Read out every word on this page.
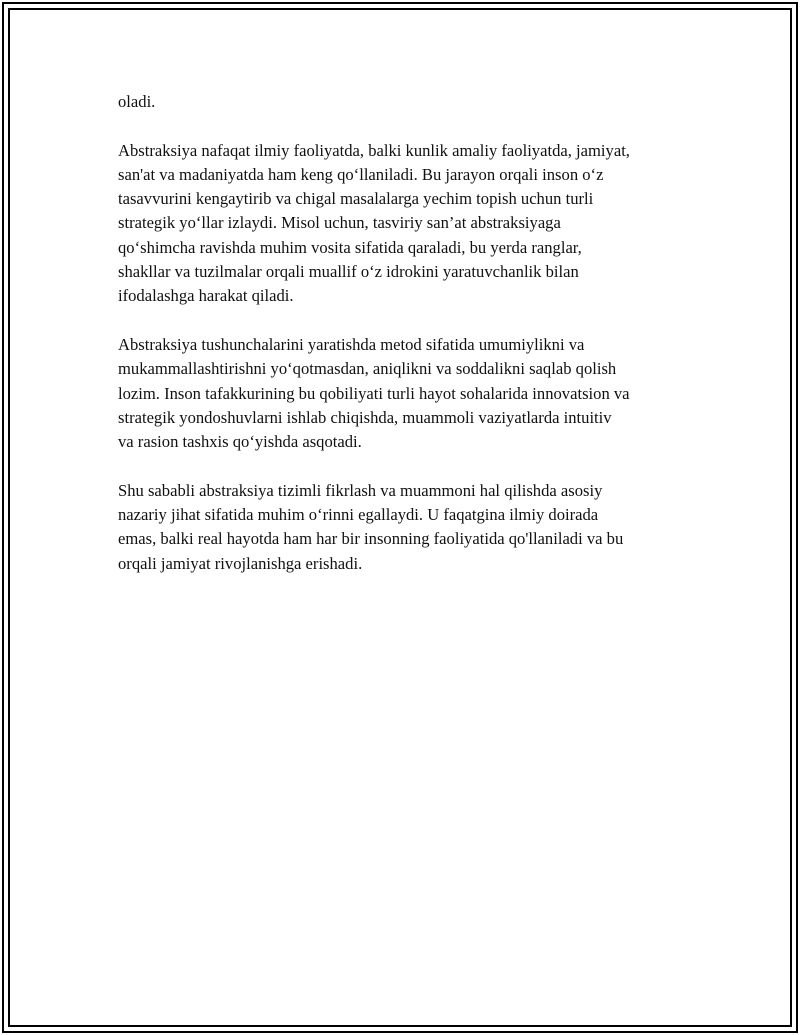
oladi.

Abstraksiya nafaqat ilmiy faoliyatda, balki kunlik amaliy faoliyatda, jamiyat,
san'at va madaniyatda ham keng qo‘llaniladi. Bu jarayon orqali inson o‘z
tasavvurini kengaytirib va chigal masalalarga yechim topish uchun turli
strategik yo‘llar izlaydi. Misol uchun, tasviriy san’at abstraksiyaga
qo‘shimcha ravishda muhim vosita sifatida qaraladi, bu yerda ranglar,
shakllar va tuzilmalar orqali muallif o‘z idrokini yaratuvchanlik bilan
ifodalashga harakat qiladi.

Abstraksiya tushunchalarini yaratishda metod sifatida umumiylikni va
mukammallashtirishni yo‘qotmasdan, aniqlikni va soddalikni saqlab qolish
lozim. Inson tafakkurining bu qobiliyati turli hayot sohalarida innovatsion va
strategik yondoshuvlarni ishlab chiqishda, muammoli vaziyatlarda intuitiv
va rasion tashxis qo‘yishda asqotadi.

Shu sababli abstraksiya tizimli fikrlash va muammoni hal qilishda asosiy
nazariy jihat sifatida muhim o‘rinni egallaydi. U faqatgina ilmiy doirada
emas, balki real hayotda ham har bir insonning faoliyatida qo'llaniladi va bu
orqali jamiyat rivojlanishga erishadi.
